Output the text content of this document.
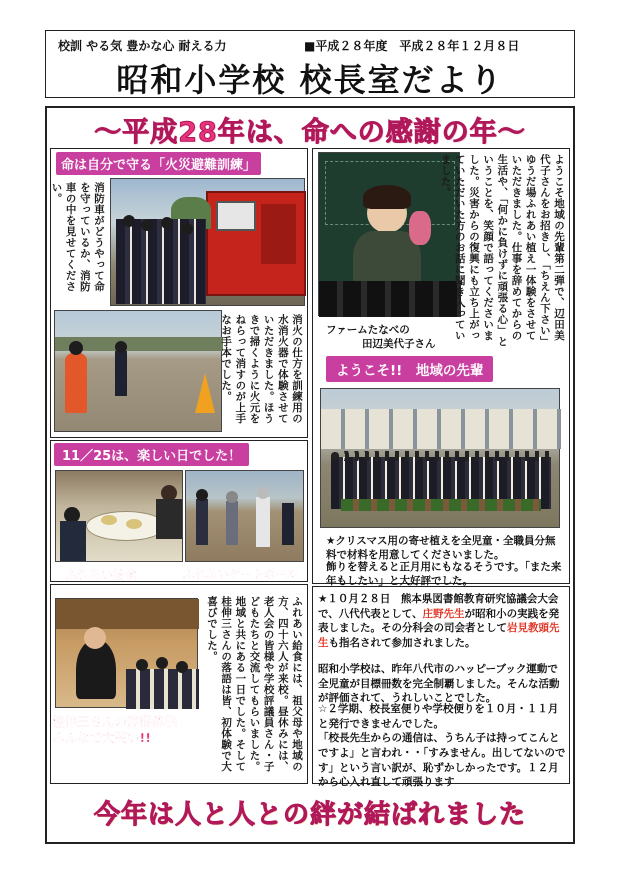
校訓 やる気 豊かな心 耐える力	■平成２８年度　平成２８年１２月８日
昭和小学校 校長室だより
～平成28年は、命への感謝の年～
命は自分で守る「火災避難訓練」
消防車がどうやって命を守っているか、消防車の中を見せてください。
消火の仕方を訓練用の水消火器で体験させていただきました。ほうきで掃くように火元をねらって消すのが上手なお手本でした。
11／25は、楽しい日でした！
ふれあい給食	ふれあいゲートボール
桂伸三さんの落語体験
みんなで大笑い!!	ふれあい給食には、祖父母や地域の方、四十六人が来校。昼休みには、老人会の皆様や学校評議員さん・子どもたちと交流してもらいました。地域と共にある一日でした。そして桂伸三さんの落語は皆、初体験で大喜びでした。
ファームたなべの
田辺美代子さん
ようこそ地域の先輩第二弾で、辺田美代子さんをお招きし、「ちえん下さい」ゆうだ場ふれあい植え一体験をさせていただきました。仕事を辞めてからの生活や、「何かに負けずに頑張る心」ということを、笑顔で語ってくださいました。災害からの復興にも立ち上がっていただいた方のお話に聞き入っていました。
ようこそ!!　地域の先輩
★クリスマス用の寄せ植えを全児童・全職員分無料で材料を用意してくださいました。
飾りを替えると正月用にもなるそうです。「また来年もしたい」と大好評でした。
★１０月２８日　熊本県図書館教育研究協議会大会で、八代代表として、庄野先生が昭和小の実践を発表しました。その分科会の司会者として岩見教頭先生も指名されて参加されました。
昭和小学校は、昨年八代市のハッピーブック運動で全児童が目標冊数を完全制覇しました。そんな活動が評価されて、うれしいことでした。
☆２学期、校長室便りや学校便りを１０月・１１月と発行できませんでした。
「校長先生からの通信は、うちん子は持ってこんとですよ」と言われ・・「すみません。出してないのです」という言い訳が、恥ずかしかったです。１２月から心入れ直して頑張ります
今年は人と人との絆が結ばれました
